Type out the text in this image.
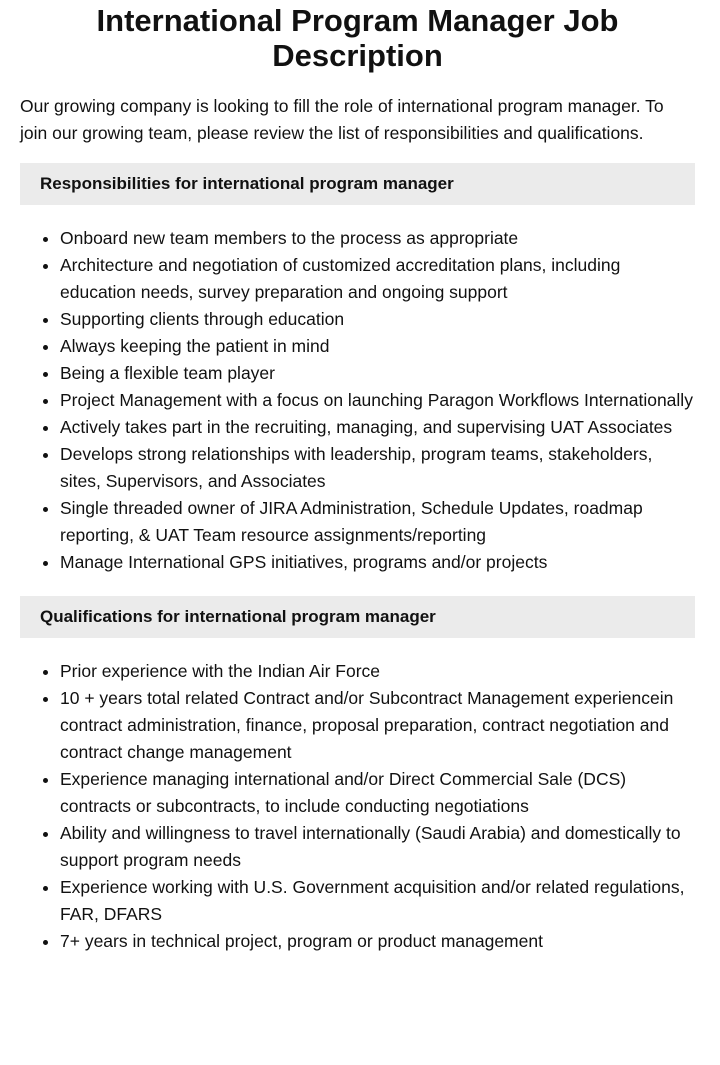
International Program Manager Job Description

Our growing company is looking to fill the role of international program manager. To join our growing team, please review the list of responsibilities and qualifications.

Responsibilities for international program manager
• Onboard new team members to the process as appropriate
• Architecture and negotiation of customized accreditation plans, including education needs, survey preparation and ongoing support
• Supporting clients through education
• Always keeping the patient in mind
• Being a flexible team player
• Project Management with a focus on launching Paragon Workflows Internationally
• Actively takes part in the recruiting, managing, and supervising UAT Associates
• Develops strong relationships with leadership, program teams, stakeholders, sites, Supervisors, and Associates
• Single threaded owner of JIRA Administration, Schedule Updates, roadmap reporting, & UAT Team resource assignments/reporting
• Manage International GPS initiatives, programs and/or projects
Qualifications for international program manager
• Prior experience with the Indian Air Force
• 10 + years total related Contract and/or Subcontract Management experiencein contract administration, finance, proposal preparation, contract negotiation and contract change management
• Experience managing international and/or Direct Commercial Sale (DCS) contracts or subcontracts, to include conducting negotiations
• Ability and willingness to travel internationally (Saudi Arabia) and domestically to support program needs
• Experience working with U.S. Government acquisition and/or related regulations, FAR, DFARS
• 7+ years in technical project, program or product management
